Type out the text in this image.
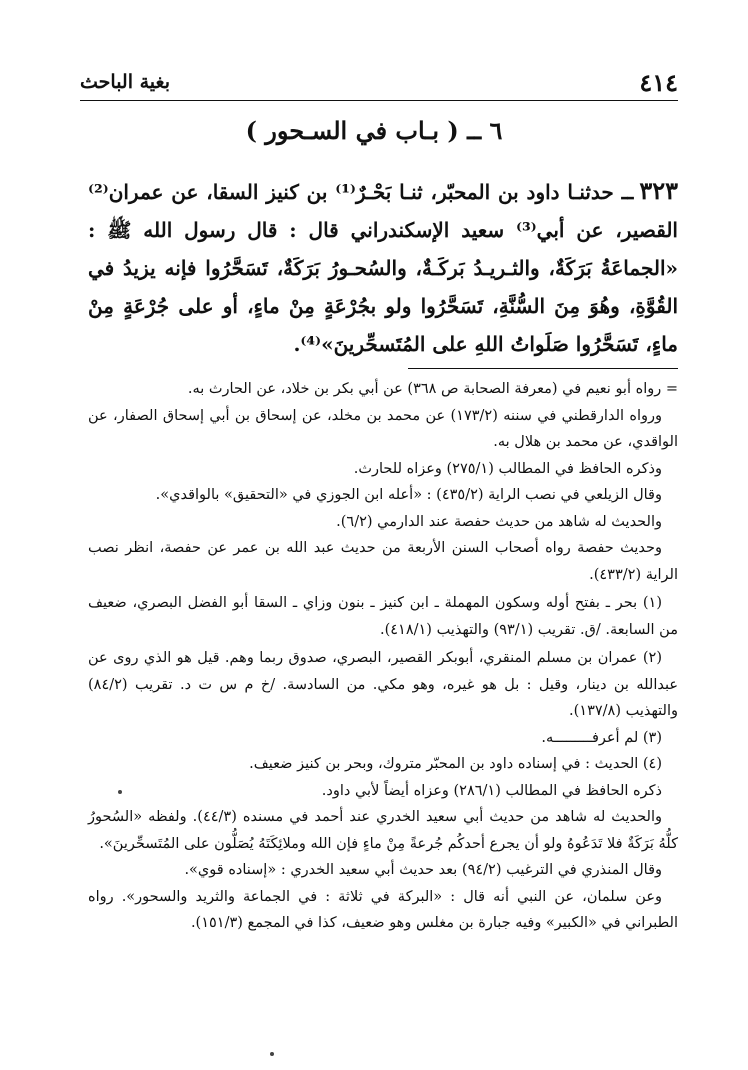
٤١٤
بغية الباحث
٦ ــ ( بـاب في السـحور )
٣٢٣ــ حدثنـا داود بن المحبّر، ثنـا بَحْـرٌ⁽¹⁾ بن كنيز السقا، عن عمران⁽²⁾ القصير، عن أبي⁽³⁾ سعيد الإسكندراني قال : قال رسول الله ﷺ : «الجماعَةُ بَرَكَةٌ، والثـريـدُ بَركَـةٌ، والسُحـورُ بَرَكَةٌ، تَسَحَّرُوا فإنه يزيدُ في القُوَّةِ، وهُوَ مِنَ السُّنَّةِ، تَسَحَّرُوا ولو بجُرْعَةٍ مِنْ ماءٍ، أو على جُرْعَةٍ مِنْ ماءٍ، تَسَحَّرُوا صَلَواتُ اللهِ على المُتَسحِّرينَ»⁽⁴⁾.

= رواه أبو نعيم في (معرفة الصحابة ص ٣٦٨) عن أبي بكر بن خلاد، عن الحارث به.

ورواه الدارقطني في سننه (١٧٣/٢) عن محمد بن مخلد، عن إسحاق بن أبي إسحاق الصفار، عن الواقدي، عن محمد بن هلال به.

وذكره الحافظ في المطالب (٢٧٥/١) وعزاه للحارث.

وقال الزيلعي في نصب الراية (٤٣٥/٢) : «أعله ابن الجوزي في «التحقيق» بالواقدي».

والحديث له شاهد من حديث حفصة عند الدارمي (٦/٢).

وحديث حفصة رواه أصحاب السنن الأربعة من حديث عبد الله بن عمر عن حفصة، انظر نصب الراية (٤٣٣/٢).

(١) بحر ـ بفتح أوله وسكون المهملة ـ ابن كنيز ـ بنون وزاي ـ السقا أبو الفضل البصري، ضعيف من السابعة. /ق. تقريب (٩٣/١) والتهذيب (٤١٨/١).

(٢) عمران بن مسلم المنقري، أبوبكر القصير، البصري، صدوق ربما وهم. قيل هو الذي روى عن عبدالله بن دينار، وقيل : بل هو غيره، وهو مكي. من السادسة. /خ م س ت د. تقريب (٨٤/٢) والتهذيب (١٣٧/٨).

(٣) لم أعرفـــــــــه.

(٤) الحديث : في إسناده داود بن المحبّر متروك، وبحر بن كنيز ضعيف.

ذكره الحافظ في المطالب (٢٨٦/١) وعزاه أيضاً لأبي داود.

والحديث له شاهد من حديث أبي سعيد الخدري عند أحمد في مسنده (٤٤/٣). ولفظه «السُحورُ كلُّهُ بَرَكَةٌ فلا تَدَعُوهُ ولو أن يجرع أحدكُم جُرعةً مِنْ ماءٍ فإن الله وملائِكَتَهُ يُصَلُّون على المُتَسحِّرينَ».

وقال المنذري في الترغيب (٩٤/٢) بعد حديث أبي سعيد الخدري : «إسناده قوي».

وعن سلمان، عن النبي أنه قال : «البركة في ثلاثة : في الجماعة والثريد والسحور». رواه الطبراني في «الكبير» وفيه جبارة بن مغلس وهو ضعيف، كذا في المجمع (١٥١/٣).
